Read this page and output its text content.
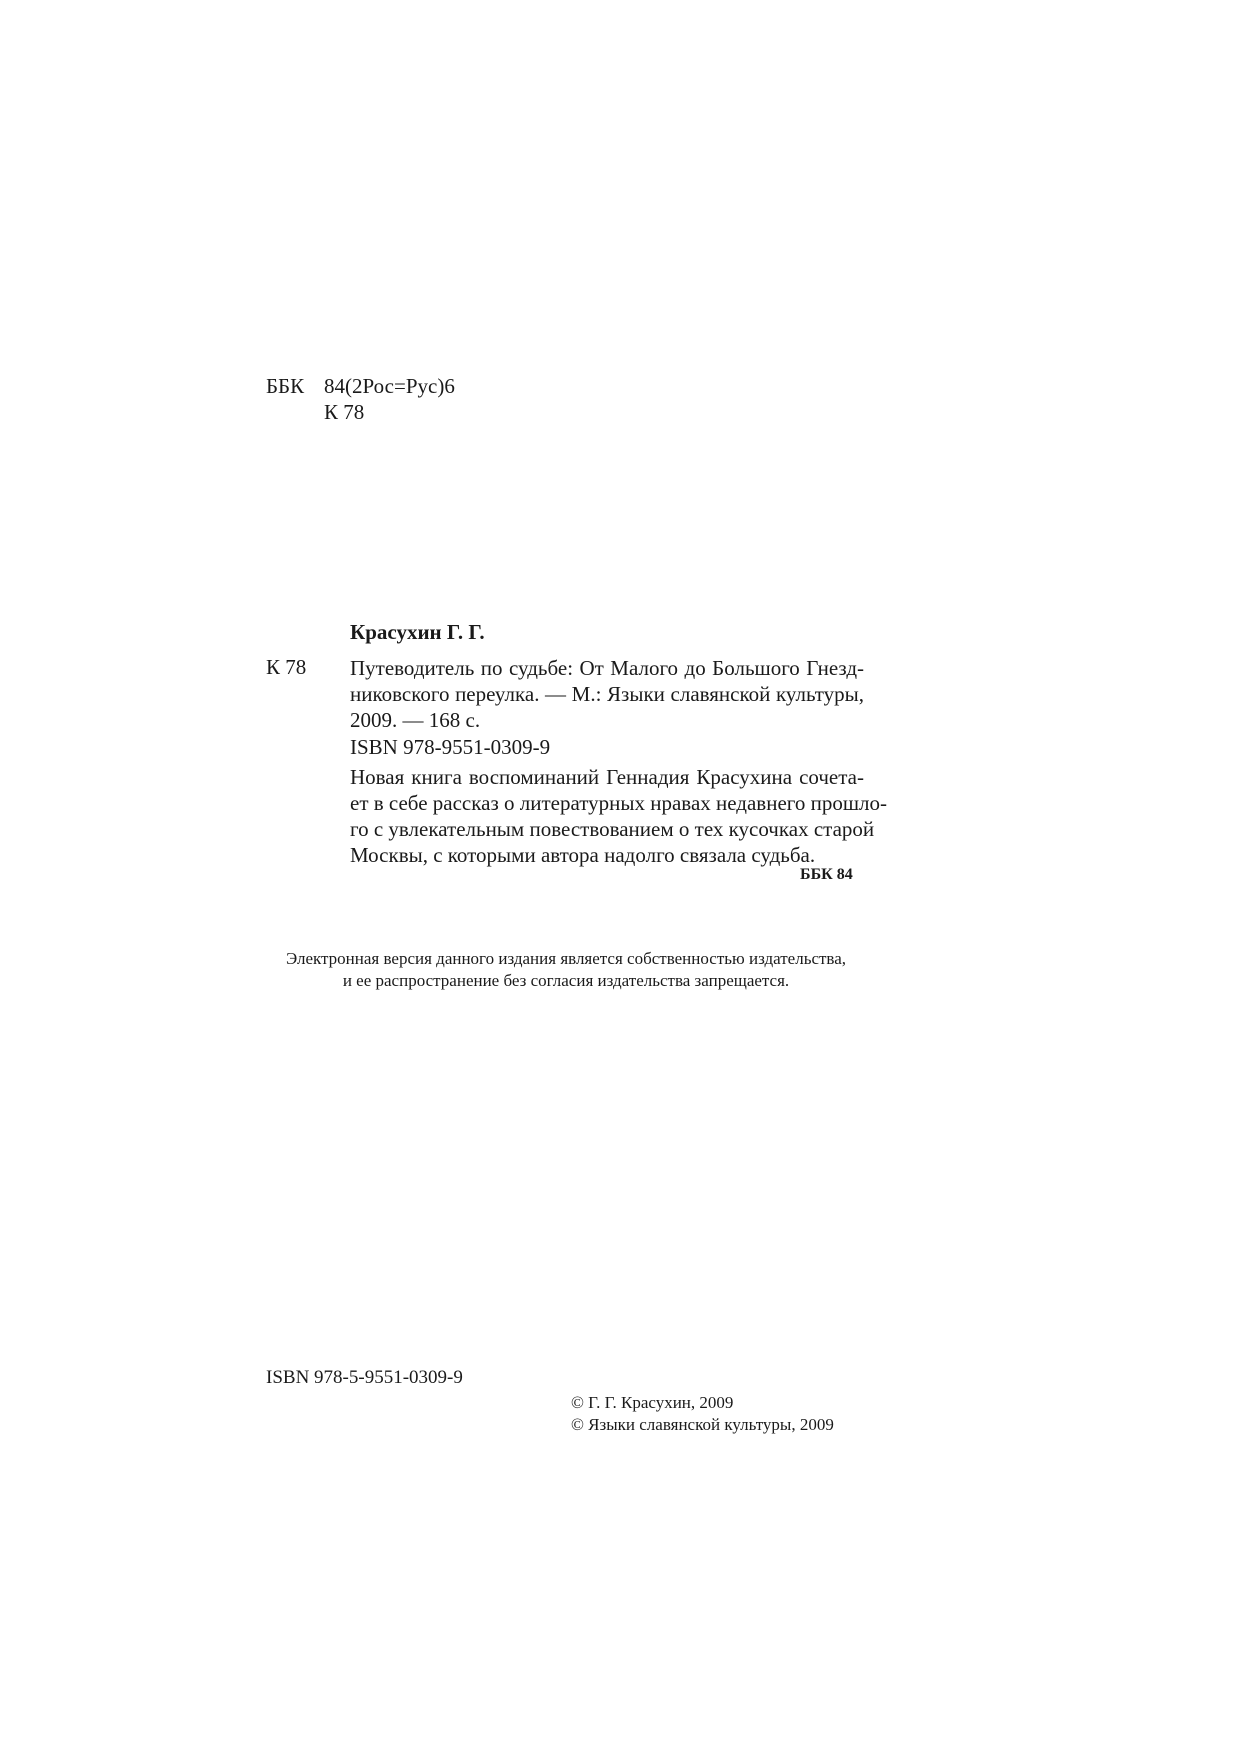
ББК 84(2Рос=Рус)6
К 78
Красухин Г. Г.
К 78 Путеводитель по судьбе: От Малого до Большого Гнезд-
никовского переулка. — М.: Языки славянской культуры,
2009. — 168 с.
ISBN 978-9551-0309-9
Новая книга воспоминаний Геннадия Красухина сочета-
ет в себе рассказ о литературных нравах недавнего прошло-
го с увлекательным повествованием о тех кусочках старой
Москвы, с которыми автора надолго связала судьба.
ББК 84
Электронная версия данного издания является собственностью издательства,
и ее распространение без согласия издательства запрещается.
ISBN 978-5-9551-0309-9
© Г. Г. Красухин, 2009
© Языки славянской культуры, 2009
